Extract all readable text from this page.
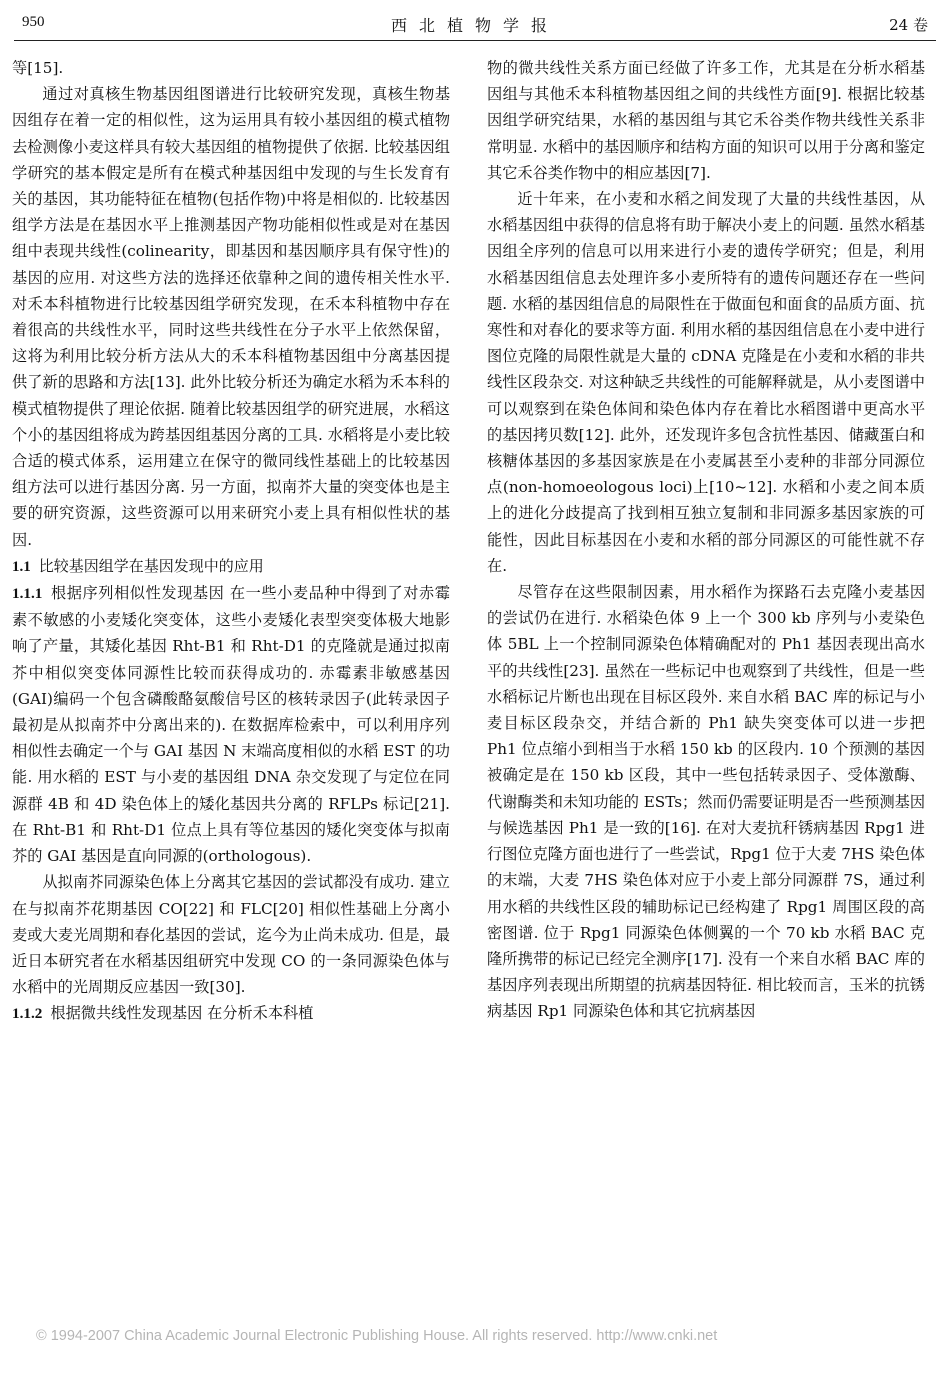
950	西北植物学报	24 卷

等[15].

通过对真核生物基因组图谱进行比较研究发现，真核生物基因组存在着一定的相似性，这为运用具有较小基因组的模式植物去检测像小麦这样具有较大基因组的植物提供了依据. 比较基因组学研究的基本假定是所有在模式种基因组中发现的与生长发育有关的基因，其功能特征在植物(包括作物)中将是相似的. 比较基因组学方法是在基因水平上推测基因产物功能相似性或是对在基因组中表现共线性(colinearity，即基因和基因顺序具有保守性)的基因的应用. 对这些方法的选择还依靠种之间的遗传相关性水平. 对禾本科植物进行比较基因组学研究发现，在禾本科植物中存在着很高的共线性水平，同时这些共线性在分子水平上依然保留，这将为利用比较分析方法从大的禾本科植物基因组中分离基因提供了新的思路和方法[13]. 此外比较分析还为确定水稻为禾本科的模式植物提供了理论依据. 随着比较基因组学的研究进展，水稻这个小的基因组将成为跨基因组基因分离的工具. 水稻将是小麦比较合适的模式体系，运用建立在保守的微同线性基础上的比较基因组方法可以进行基因分离. 另一方面，拟南芥大量的突变体也是主要的研究资源，这些资源可以用来研究小麦上具有相似性状的基因.

1.1 比较基因组学在基因发现中的应用

1.1.1 根据序列相似性发现基因 在一些小麦品种中得到了对赤霉素不敏感的小麦矮化突变体，这些小麦矮化表型突变体极大地影响了产量，其矮化基因 Rht-B1 和 Rht-D1 的克隆就是通过拟南芥中相似突变体同源性比较而获得成功的. 赤霉素非敏感基因(GAI)编码一个包含磷酸酪氨酸信号区的核转录因子(此转录因子最初是从拟南芥中分离出来的). 在数据库检索中，可以利用序列相似性去确定一个与 GAI 基因 N 末端高度相似的水稻 EST 的功能. 用水稻的 EST 与小麦的基因组 DNA 杂交发现了与定位在同源群 4B 和 4D 染色体上的矮化基因共分离的 RFLPs 标记[21]. 在 Rht-B1 和 Rht-D1 位点上具有等位基因的矮化突变体与拟南芥的 GAI 基因是直向同源的(orthologous).

从拟南芥同源染色体上分离其它基因的尝试都没有成功. 建立在与拟南芥花期基因 CO[22] 和 FLC[20] 相似性基础上分离小麦或大麦光周期和春化基因的尝试，迄今为止尚未成功. 但是，最近日本研究者在水稻基因组研究中发现 CO 的一条同源染色体与水稻中的光周期反应基因一致[30].

1.1.2 根据微共线性发现基因 在分析禾本科植

物的微共线性关系方面已经做了许多工作，尤其是在分析水稻基因组与其他禾本科植物基因组之间的共线性方面[9]. 根据比较基因组学研究结果，水稻的基因组与其它禾谷类作物共线性关系非常明显. 水稻中的基因顺序和结构方面的知识可以用于分离和鉴定其它禾谷类作物中的相应基因[7].

近十年来，在小麦和水稻之间发现了大量的共线性基因，从水稻基因组中获得的信息将有助于解决小麦上的问题. 虽然水稻基因组全序列的信息可以用来进行小麦的遗传学研究；但是，利用水稻基因组信息去处理许多小麦所特有的遗传问题还存在一些问题. 水稻的基因组信息的局限性在于做面包和面食的品质方面、抗寒性和对春化的要求等方面. 利用水稻的基因组信息在小麦中进行图位克隆的局限性就是大量的 cDNA 克隆是在小麦和水稻的非共线性区段杂交. 对这种缺乏共线性的可能解释就是，从小麦图谱中可以观察到在染色体间和染色体内存在着比水稻图谱中更高水平的基因拷贝数[12]. 此外，还发现许多包含抗性基因、储藏蛋白和核糖体基因的多基因家族是在小麦属甚至小麦种的非部分同源位点(non-homoeologous loci)上[10~12]. 水稻和小麦之间本质上的进化分歧提高了找到相互独立复制和非同源多基因家族的可能性，因此目标基因在小麦和水稻的部分同源区的可能性就不存在.

尽管存在这些限制因素，用水稻作为探路石去克隆小麦基因的尝试仍在进行. 水稻染色体 9 上一个 300 kb 序列与小麦染色体 5BL 上一个控制同源染色体精确配对的 Ph1 基因表现出高水平的共线性[23]. 虽然在一些标记中也观察到了共线性，但是一些水稻标记片断也出现在目标区段外. 来自水稻 BAC 库的标记与小麦目标区段杂交，并结合新的 Ph1 缺失突变体可以进一步把 Ph1 位点缩小到相当于水稻 150 kb 的区段内. 10 个预测的基因被确定是在 150 kb 区段，其中一些包括转录因子、受体激酶、代谢酶类和未知功能的 ESTs；然而仍需要证明是否一些预测基因与候选基因 Ph1 是一致的[16]. 在对大麦抗秆锈病基因 Rpg1 进行图位克隆方面也进行了一些尝试，Rpg1 位于大麦 7HS 染色体的末端，大麦 7HS 染色体对应于小麦上部分同源群 7S，通过利用水稻的共线性区段的辅助标记已经构建了 Rpg1 周围区段的高密图谱. 位于 Rpg1 同源染色体侧翼的一个 70 kb 水稻 BAC 克隆所携带的标记已经完全测序[17]. 没有一个来自水稻 BAC 库的基因序列表现出所期望的抗病基因特征. 相比较而言，玉米的抗锈病基因 Rp1 同源染色体和其它抗病基因

© 1994-2007 China Academic Journal Electronic Publishing House. All rights reserved. http://www.cnki.net
